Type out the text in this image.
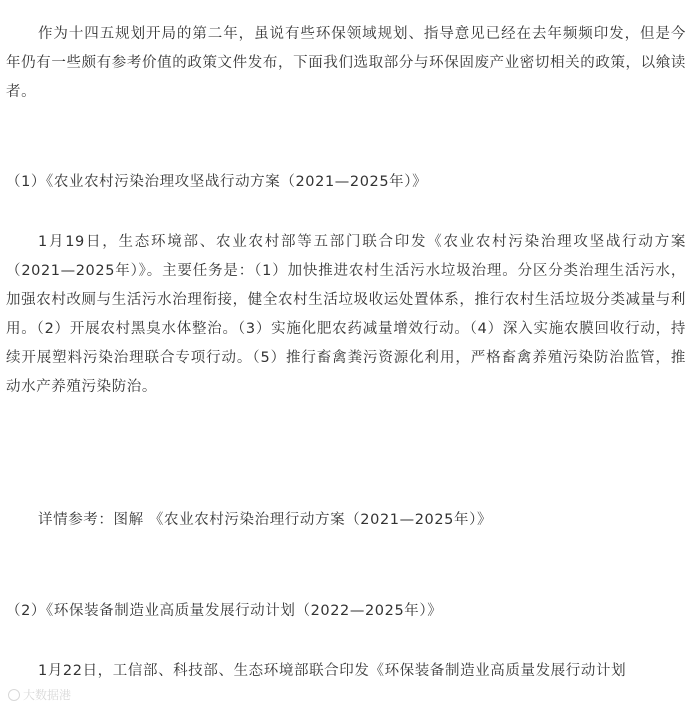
作为十四五规划开局的第二年，虽说有些环保领域规划、指导意见已经在去年频频印发，但是今年仍有一些颇有参考价值的政策文件发布，下面我们选取部分与环保固废产业密切相关的政策，以飨读者。

（1）《农业农村污染治理攻坚战行动方案（2021—2025年）》

1月19日，生态环境部、农业农村部等五部门联合印发《农业农村污染治理攻坚战行动方案（2021—2025年）》。主要任务是：（1）加快推进农村生活污水垃圾治理。分区分类治理生活污水，加强农村改厕与生活污水治理衔接，健全农村生活垃圾收运处置体系，推行农村生活垃圾分类减量与利用。（2）开展农村黑臭水体整治。（3）实施化肥农药减量增效行动。（4）深入实施农膜回收行动，持续开展塑料污染治理联合专项行动。（5）推行畜禽粪污资源化利用，严格畜禽养殖污染防治监管，推动水产养殖污染防治。

详情参考：图解 《农业农村污染治理行动方案（2021—2025年）》

（2）《环保装备制造业高质量发展行动计划（2022—2025年）》

1月22日，工信部、科技部、生态环境部联合印发《环保装备制造业高质量发展行动计划

大数据港
